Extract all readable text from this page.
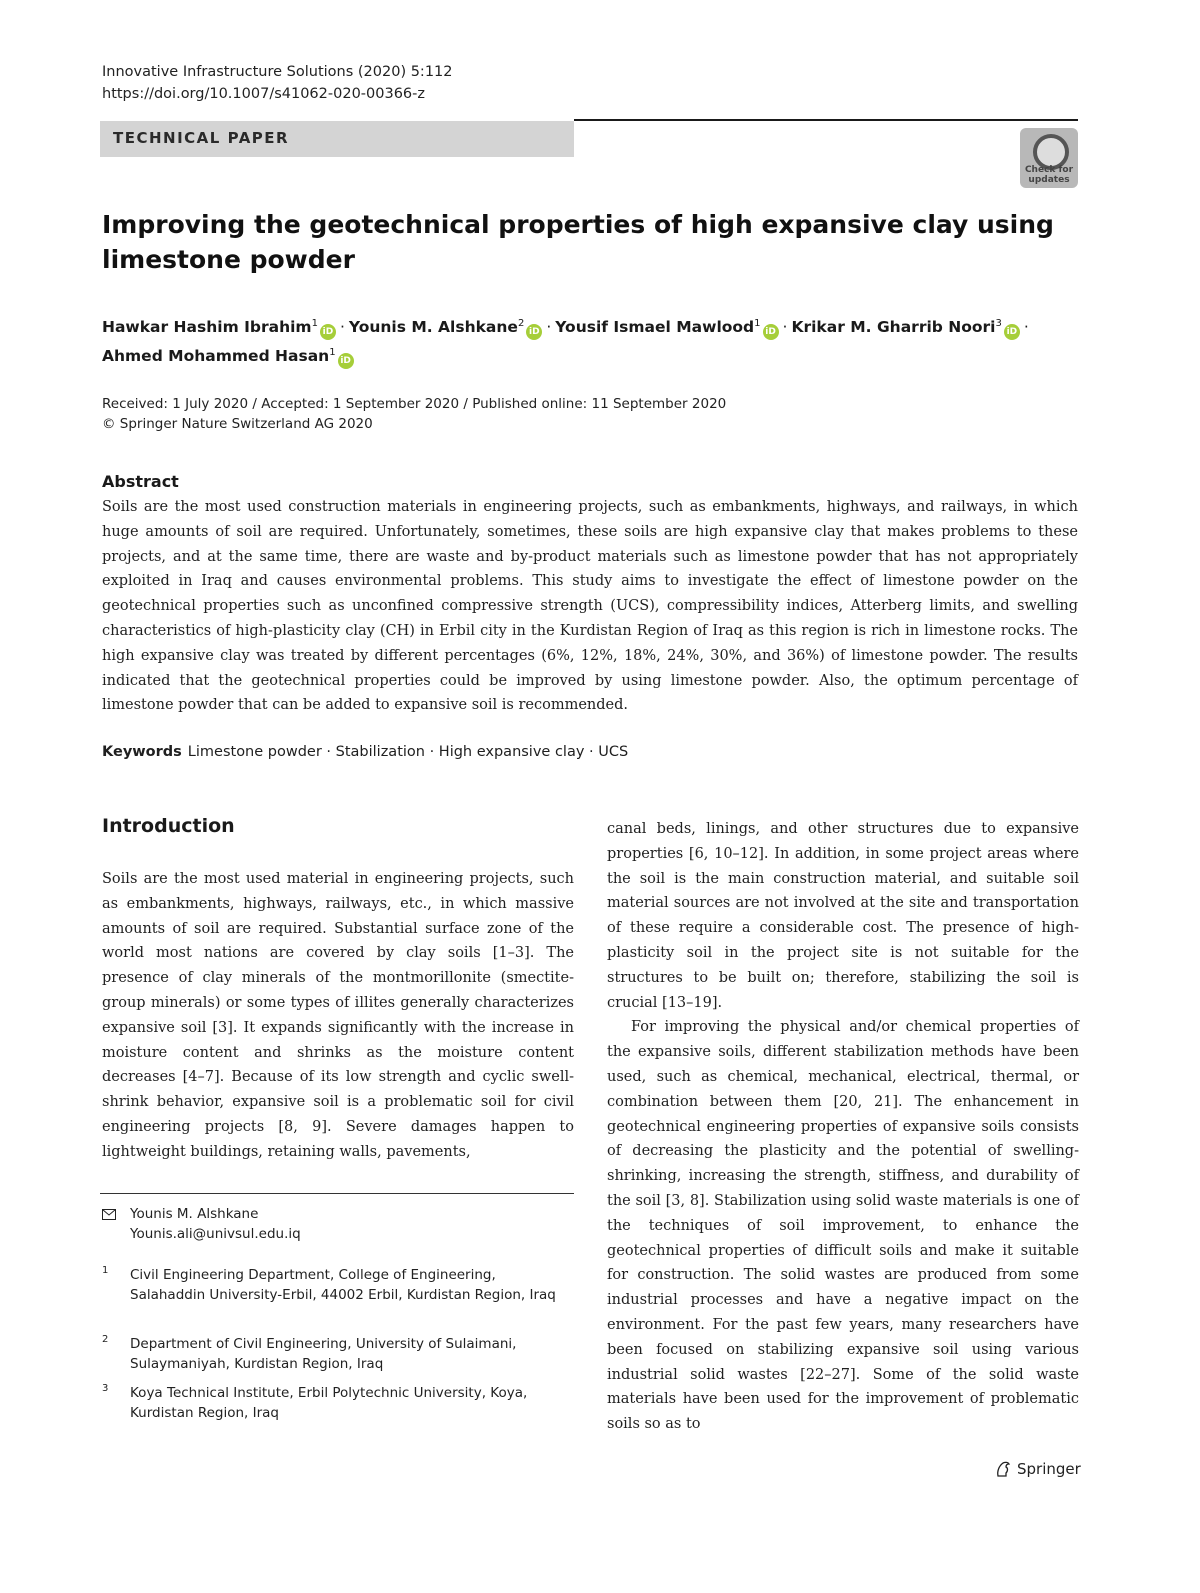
Innovative Infrastructure Solutions (2020) 5:112
https://doi.org/10.1007/s41062-020-00366-z
TECHNICAL PAPER
Check for updates
Improving the geotechnical properties of high expansive clay using limestone powder
Hawkar Hashim Ibrahim$^1$iD · Younis M. Alshkane$^2$iD · Yousif Ismael Mawlood$^1$iD · Krikar M. Gharrib Noori$^3$iD ·
Ahmed Mohammed Hasan$^1$iD
Received: 1 July 2020 / Accepted: 1 September 2020 / Published online: 11 September 2020
© Springer Nature Switzerland AG 2020
Abstract
Soils are the most used construction materials in engineering projects, such as embankments, highways, and railways, in which huge amounts of soil are required. Unfortunately, sometimes, these soils are high expansive clay that makes problems to these projects, and at the same time, there are waste and by-product materials such as limestone powder that has not appropriately exploited in Iraq and causes environmental problems. This study aims to investigate the effect of limestone powder on the geotechnical properties such as unconfined compressive strength (UCS), compressibility indices, Atterberg limits, and swelling characteristics of high-plasticity clay (CH) in Erbil city in the Kurdistan Region of Iraq as this region is rich in limestone rocks. The high expansive clay was treated by different percentages (6%, 12%, 18%, 24%, 30%, and 36%) of limestone powder. The results indicated that the geotechnical properties could be improved by using limestone powder. Also, the optimum percentage of limestone powder that can be added to expansive soil is recommended.
Keywords Limestone powder · Stabilization · High expansive clay · UCS
Introduction

Soils are the most used material in engineering projects, such as embankments, highways, railways, etc., in which massive amounts of soil are required. Substantial surface zone of the world most nations are covered by clay soils [1–3]. The presence of clay minerals of the montmorillonite (smectite-group minerals) or some types of illites generally characterizes expansive soil [3]. It expands significantly with the increase in moisture content and shrinks as the moisture content decreases [4–7]. Because of its low strength and cyclic swell-shrink behavior, expansive soil is a problematic soil for civil engineering projects [8, 9]. Severe damages happen to lightweight buildings, retaining walls, pavements,

canal beds, linings, and other structures due to expansive properties [6, 10–12]. In addition, in some project areas where the soil is the main construction material, and suitable soil material sources are not involved at the site and transportation of these require a considerable cost. The presence of high-plasticity soil in the project site is not suitable for the structures to be built on; therefore, stabilizing the soil is crucial [13–19].

For improving the physical and/or chemical properties of the expansive soils, different stabilization methods have been used, such as chemical, mechanical, electrical, thermal, or combination between them [20, 21]. The enhancement in geotechnical engineering properties of expansive soils consists of decreasing the plasticity and the potential of swelling-shrinking, increasing the strength, stiffness, and durability of the soil [3, 8]. Stabilization using solid waste materials is one of the techniques of soil improvement, to enhance the geotechnical properties of difficult soils and make it suitable for construction. The solid wastes are produced from some industrial processes and have a negative impact on the environment. For the past few years, many researchers have been focused on stabilizing expansive soil using various industrial solid wastes [22–27]. Some of the solid waste materials have been used for the improvement of problematic soils so as to

Younis M. Alshkane
Younis.ali@univsul.edu.iq
1 Civil Engineering Department, College of Engineering, Salahaddin University-Erbil, 44002 Erbil, Kurdistan Region, Iraq
2 Department of Civil Engineering, University of Sulaimani, Sulaymaniyah, Kurdistan Region, Iraq
3 Koya Technical Institute, Erbil Polytechnic University, Koya, Kurdistan Region, Iraq
Springer
